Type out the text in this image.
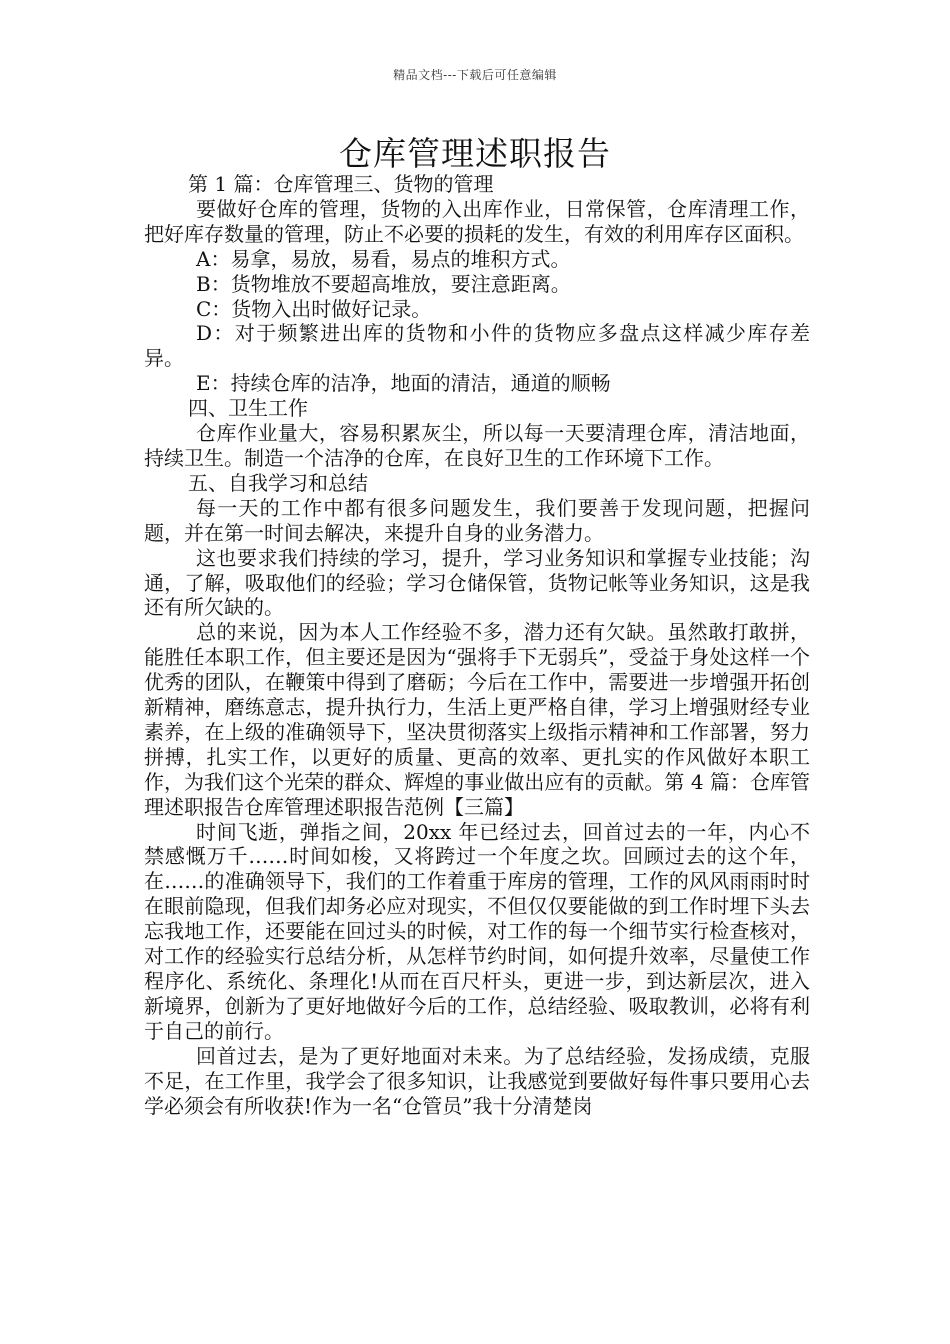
精品文档---下载后可任意编辑
仓库管理述职报告

第 1 篇：仓库管理三、货物的管理

要做好仓库的管理，货物的入出库作业，日常保管，仓库清理工作，把好库存数量的管理，防止不必要的损耗的发生，有效的利用库存区面积。

A：易拿，易放，易看，易点的堆积方式。

B：货物堆放不要超高堆放，要注意距离。

C：货物入出时做好记录。

D：对于频繁进出库的货物和小件的货物应多盘点这样减少库存差异。

E：持续仓库的洁净，地面的清洁，通道的顺畅

四、卫生工作

仓库作业量大，容易积累灰尘，所以每一天要清理仓库，清洁地面，持续卫生。制造一个洁净的仓库，在良好卫生的工作环境下工作。

五、自我学习和总结

每一天的工作中都有很多问题发生，我们要善于发现问题，把握问题，并在第一时间去解决，来提升自身的业务潜力。

这也要求我们持续的学习，提升，学习业务知识和掌握专业技能；沟通，了解，吸取他们的经验；学习仓储保管，货物记帐等业务知识，这是我还有所欠缺的。

总的来说，因为本人工作经验不多，潜力还有欠缺。虽然敢打敢拼，能胜任本职工作，但主要还是因为“强将手下无弱兵”，受益于身处这样一个优秀的团队，在鞭策中得到了磨砺；今后在工作中，需要进一步增强开拓创新精神，磨练意志，提升执行力，生活上更严格自律，学习上增强财经专业素养，在上级的准确领导下，坚决贯彻落实上级指示精神和工作部署，努力拼搏，扎实工作，以更好的质量、更高的效率、更扎实的作风做好本职工作，为我们这个光荣的群众、辉煌的事业做出应有的贡献。第 4 篇：仓库管理述职报告仓库管理述职报告范例【三篇】

时间飞逝，弹指之间，20xx 年已经过去，回首过去的一年，内心不禁感慨万千……时间如梭，又将跨过一个年度之坎。回顾过去的这个年，在……的准确领导下，我们的工作着重于库房的管理，工作的风风雨雨时时在眼前隐现，但我们却务必应对现实，不但仅仅要能做的到工作时埋下头去忘我地工作，还要能在回过头的时候，对工作的每一个细节实行检查核对，对工作的经验实行总结分析，从怎样节约时间，如何提升效率，尽量使工作程序化、系统化、条理化!从而在百尺杆头，更进一步，到达新层次，进入新境界，创新为了更好地做好今后的工作，总结经验、吸取教训，必将有利于自己的前行。

回首过去，是为了更好地面对未来。为了总结经验，发扬成绩，克服不足，在工作里，我学会了很多知识，让我感觉到要做好每件事只要用心去学必须会有所收获!作为一名“仓管员”我十分清楚岗
